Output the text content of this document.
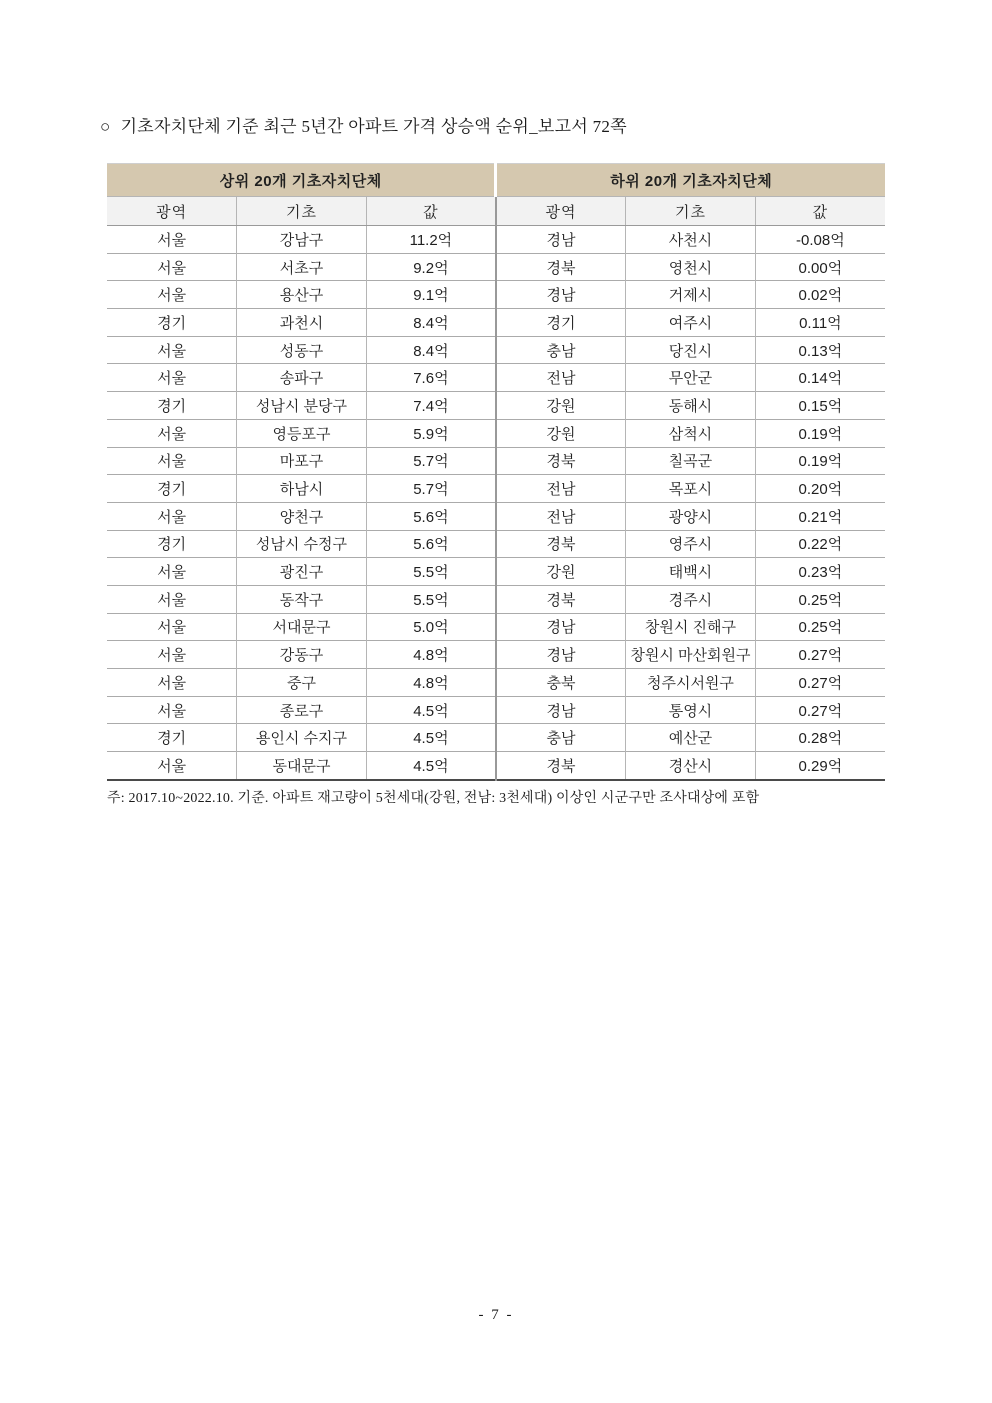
○ 기초자치단체 기준 최근 5년간 아파트 가격 상승액 순위_보고서 72쪽
상위 20개 기초자치단체			하위 20개 기초자치단체		
광역	기초	값	광역	기초	값
서울	강남구	11.2억	경남	사천시	-0.08억
서울	서초구	9.2억	경북	영천시	0.00억
서울	용산구	9.1억	경남	거제시	0.02억
경기	과천시	8.4억	경기	여주시	0.11억
서울	성동구	8.4억	충남	당진시	0.13억
서울	송파구	7.6억	전남	무안군	0.14억
경기	성남시 분당구	7.4억	강원	동해시	0.15억
서울	영등포구	5.9억	강원	삼척시	0.19억
서울	마포구	5.7억	경북	칠곡군	0.19억
경기	하남시	5.7억	전남	목포시	0.20억
서울	양천구	5.6억	전남	광양시	0.21억
경기	성남시 수정구	5.6억	경북	영주시	0.22억
서울	광진구	5.5억	강원	태백시	0.23억
서울	동작구	5.5억	경북	경주시	0.25억
서울	서대문구	5.0억	경남	창원시 진해구	0.25억
서울	강동구	4.8억	경남	창원시 마산회원구	0.27억
서울	중구	4.8억	충북	청주시서원구	0.27억
서울	종로구	4.5억	경남	통영시	0.27억
경기	용인시 수지구	4.5억	충남	예산군	0.28억
서울	동대문구	4.5억	경북	경산시	0.29억
주: 2017.10~2022.10. 기준. 아파트 재고량이 5천세대(강원, 전남: 3천세대) 이상인 시군구만 조사대상에 포함
- 7 -
